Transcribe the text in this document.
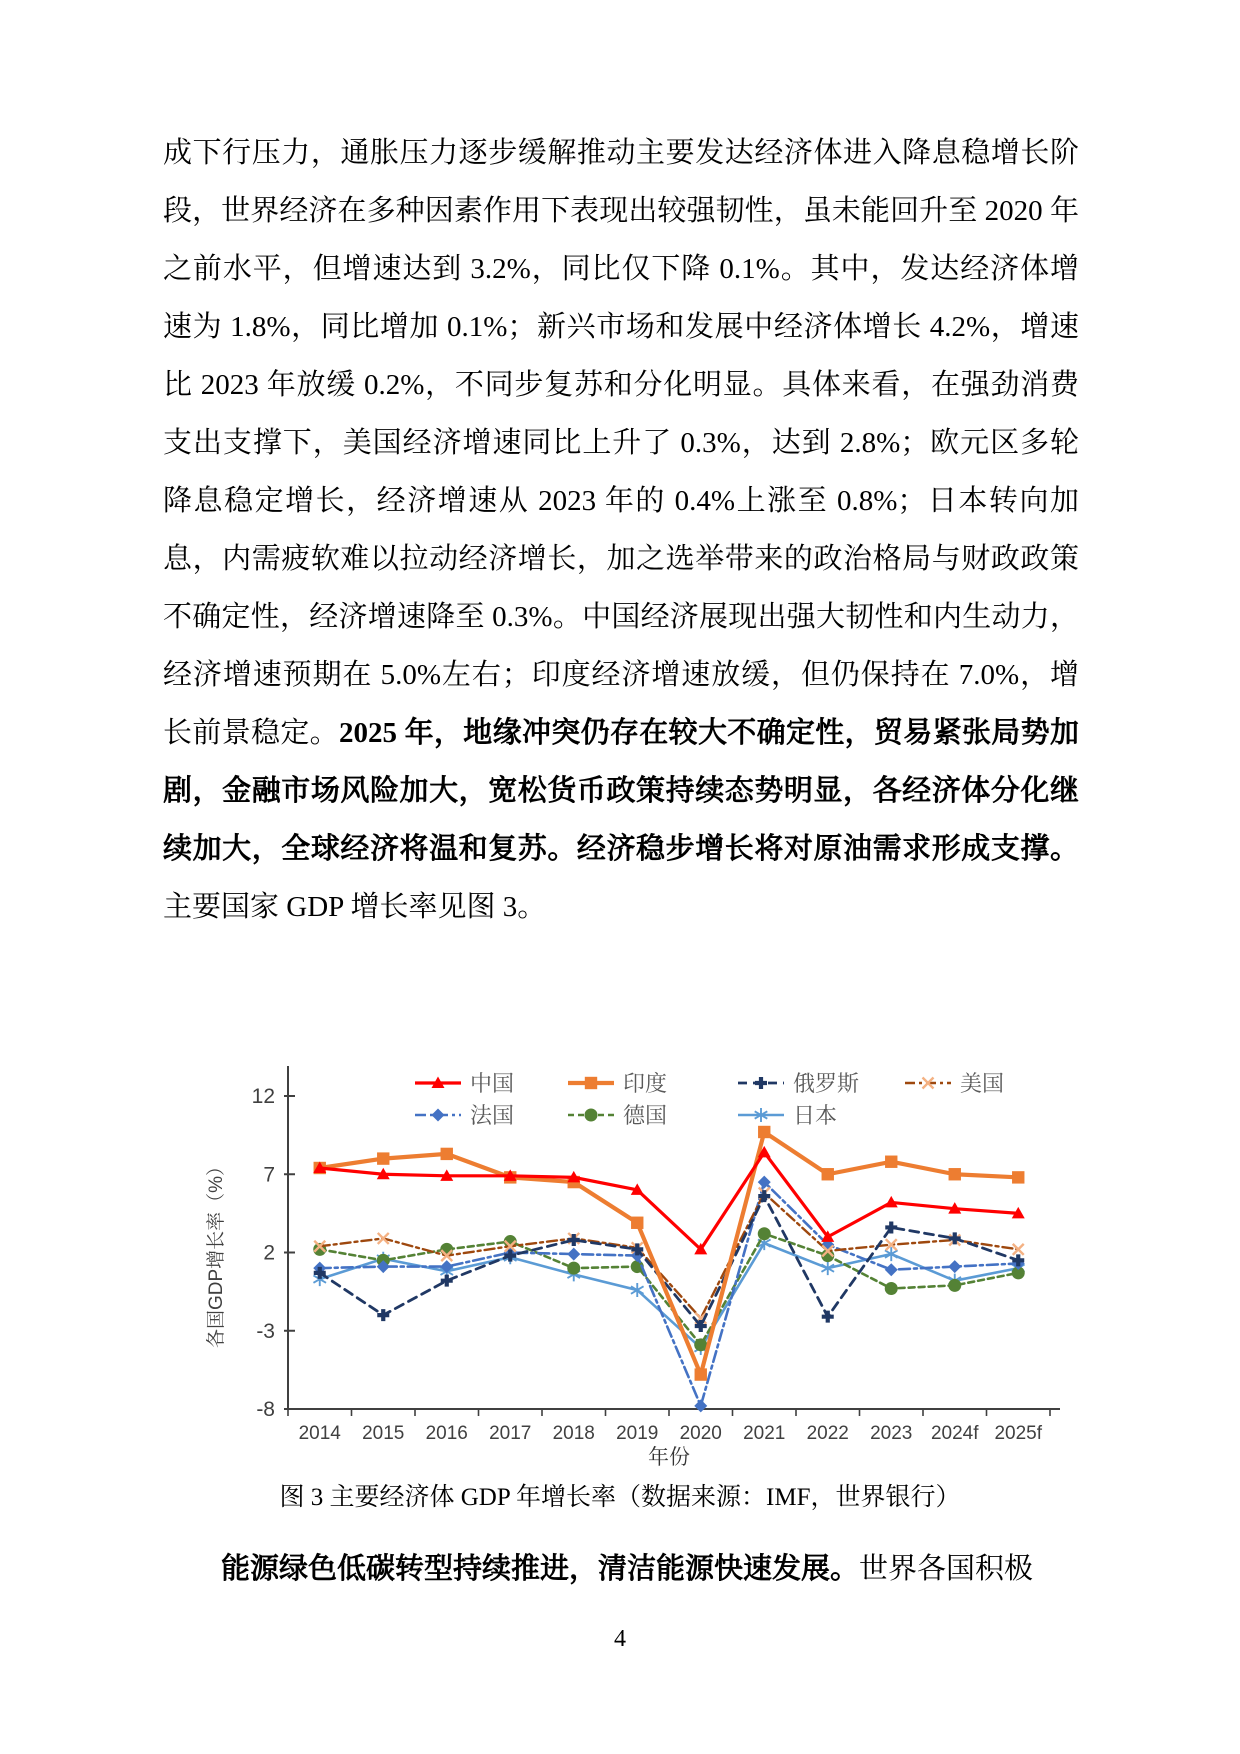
成下行压力，通胀压力逐步缓解推动主要发达经济体进入降息稳增长阶段，世界经济在多种因素作用下表现出较强韧性，虽未能回升至 2020 年之前水平，但增速达到 3.2%，同比仅下降 0.1%。其中，发达经济体增速为 1.8%，同比增加 0.1%；新兴市场和发展中经济体增长 4.2%，增速比 2023 年放缓 0.2%，不同步复苏和分化明显。具体来看，在强劲消费支出支撑下，美国经济增速同比上升了 0.3%，达到 2.8%；欧元区多轮降息稳定增长，经济增速从 2023 年的 0.4%上涨至 0.8%；日本转向加息，内需疲软难以拉动经济增长，加之选举带来的政治格局与财政政策不确定性，经济增速降至 0.3%。中国经济展现出强大韧性和内生动力，经济增速预期在 5.0%左右；印度经济增速放缓，但仍保持在 7.0%，增长前景稳定。2025 年，地缘冲突仍存在较大不确定性，贸易紧张局势加剧，金融市场风险加大，宽松货币政策持续态势明显，各经济体分化继续加大，全球经济将温和复苏。经济稳步增长将对原油需求形成支撑。主要国家 GDP 增长率见图 3。
12
7
2
-3
-8
2014 2015 2016 2017 2018 2019 2020 2021 2022 2023 2024f 2025f
各国GDP增长率（%）
年份
中国	印度	俄罗斯	美国
法国	德国	日本
图 3 主要经济体 GDP 年增长率（数据来源：IMF，世界银行）
能源绿色低碳转型持续推进，清洁能源快速发展。世界各国积极
4
